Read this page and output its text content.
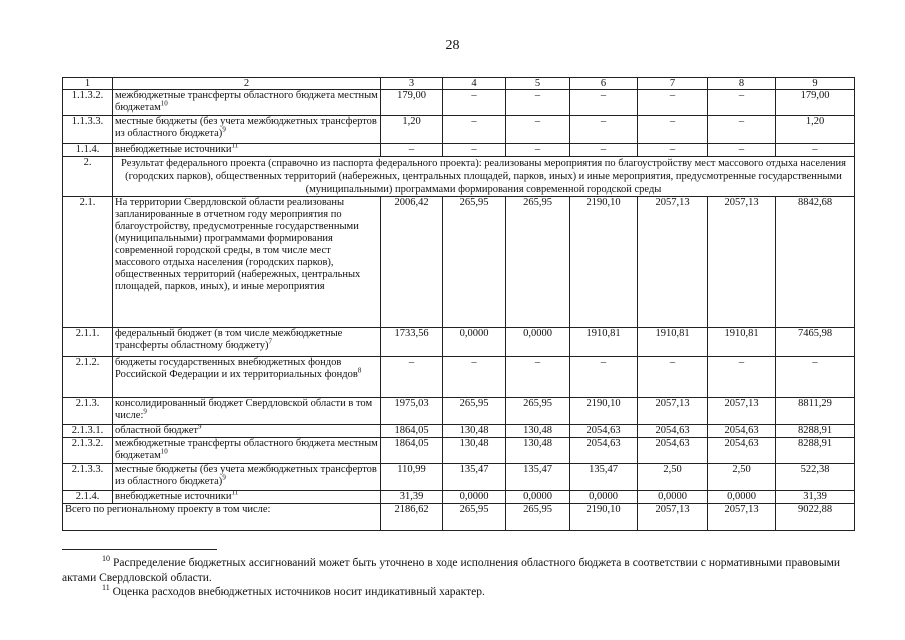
28
1	2	3	4	5	6	7	8	9
1.1.3.2.	межбюджетные трансферты областного бюджета местным бюджетам$^{10}$	179,00	–	–	–	–	–	179,00
1.1.3.3.	местные бюджеты (без учета межбюджетных трансфертов из областного бюджета)$^9$	1,20	–	–	–	–	–	1,20
1.1.4.	внебюджетные источники$^{11}$	–	–	–	–	–	–	–
2.	Результат федерального проекта (справочно из паспорта федерального проекта): реализованы мероприятия по благоустройству мест массового отдыха населения (городских парков), общественных территорий (набережных, центральных площадей, парков, иных) и иные мероприятия, предусмотренные государственными (муниципальными) программами формирования современной городской среды							
2.1.	На территории Свердловской области реализованы запланированные в отчетном году мероприятия по благоустройству, предусмотренные государственными (муниципальными) программами формирования современной городской среды, в том числе мест массового отдыха населения (городских парков), общественных территорий (набережных, центральных площадей, парков, иных), и иные мероприятия	2006,42	265,95	265,95	2190,10	2057,13	2057,13	8842,68
2.1.1.	федеральный бюджет (в том числе межбюджетные трансферты областному бюджету)$^7$	1733,56	0,0000	0,0000	1910,81	1910,81	1910,81	7465,98
2.1.2.	бюджеты государственных внебюджетных фондов Российской Федерации и их территориальных фондов$^8$	–	–	–	–	–	–	–
2.1.3.	консолидированный бюджет Свердловской области в том числе:$^9$	1975,03	265,95	265,95	2190,10	2057,13	2057,13	8811,29
2.1.3.1.	областной бюджет$^9$	1864,05	130,48	130,48	2054,63	2054,63	2054,63	8288,91
2.1.3.2.	межбюджетные трансферты областного бюджета местным бюджетам$^{10}$	1864,05	130,48	130,48	2054,63	2054,63	2054,63	8288,91
2.1.3.3.	местные бюджеты (без учета межбюджетных трансфертов из областного бюджета)$^9$	110,99	135,47	135,47	135,47	2,50	2,50	522,38
2.1.4.	внебюджетные источники$^{11}$	31,39	0,0000	0,0000	0,0000	0,0000	0,0000	31,39
Всего по региональному проекту в том числе:		2186,62	265,95	265,95	2190,10	2057,13	2057,13	9022,88
$^{10}$ Распределение бюджетных ассигнований может быть уточнено в ходе исполнения областного бюджета в соответствии с нормативными правовыми актами Свердловской области.
$^{11}$ Оценка расходов внебюджетных источников носит индикативный характер.
